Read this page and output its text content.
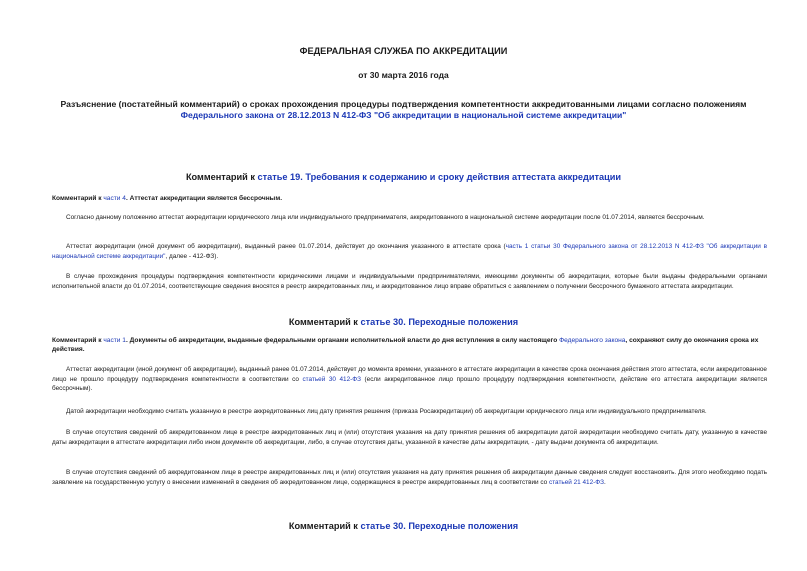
ФЕДЕРАЛЬНАЯ СЛУЖБА ПО АККРЕДИТАЦИИ
от 30 марта 2016 года
Разъяснение (постатейный комментарий) о сроках прохождения процедуры подтверждения компетентности аккредитованными лицами согласно положениям
Федерального закона от 28.12.2013 N 412-ФЗ "Об аккредитации в национальной системе аккредитации"
Комментарий к статье 19. Требования к содержанию и сроку действия аттестата аккредитации
Комментарий к части 4. Аттестат аккредитации является бессрочным.
Согласно данному положению аттестат аккредитации юридического лица или индивидуального предпринимателя, аккредитованного в национальной системе аккредитации после 01.07.2014, является бессрочным.
Аттестат аккредитации (иной документ об аккредитации), выданный ранее 01.07.2014, действует до окончания указанного в аттестате срока (часть 1 статьи 30 Федерального закона от 28.12.2013 N 412-ФЗ "Об аккредитации в национальной системе аккредитации", далее - 412-ФЗ).
В случае прохождения процедуры подтверждения компетентности юридическими лицами и индивидуальными предпринимателями, имеющими документы об аккредитации, которые были выданы федеральными органами исполнительной власти до 01.07.2014, соответствующие сведения вносятся в реестр аккредитованных лиц, и аккредитованное лицо вправе обратиться с заявлением о получении бессрочного бумажного аттестата аккредитации.
Комментарий к статье 30. Переходные положения
Комментарий к части 1. Документы об аккредитации, выданные федеральными органами исполнительной власти до дня вступления в силу настоящего Федерального закона, сохраняют силу до окончания срока их действия.
Аттестат аккредитации (иной документ об аккредитации), выданный ранее 01.07.2014, действует до момента времени, указанного в аттестате аккредитации в качестве срока окончания действия этого аттестата, если аккредитованное лицо не прошло процедуру подтверждения компетентности в соответствии со статьей 30 412-ФЗ (если аккредитованное лицо прошло процедуру подтверждения компетентности, действие его аттестата аккредитации является бессрочным).
Датой аккредитации необходимо считать указанную в реестре аккредитованных лиц дату принятия решения (приказа Росаккредитации) об аккредитации юридического лица или индивидуального предпринимателя.
В случае отсутствия сведений об аккредитованном лице в реестре аккредитованных лиц и (или) отсутствия указания на дату принятия решения об аккредитации датой аккредитации необходимо считать дату, указанную в качестве даты аккредитации в аттестате аккредитации либо ином документе об аккредитации, либо, в случае отсутствия даты, указанной в качестве даты аккредитации, - дату выдачи документа об аккредитации.
В случае отсутствия сведений об аккредитованном лице в реестре аккредитованных лиц и (или) отсутствия указания на дату принятия решения об аккредитации данные сведения следует восстановить. Для этого необходимо подать заявление на государственную услугу о внесении изменений в сведения об аккредитованном лице, содержащиеся в реестре аккредитованных лиц в соответствии со статьей 21 412-ФЗ.
Комментарий к статье 30. Переходные положения
